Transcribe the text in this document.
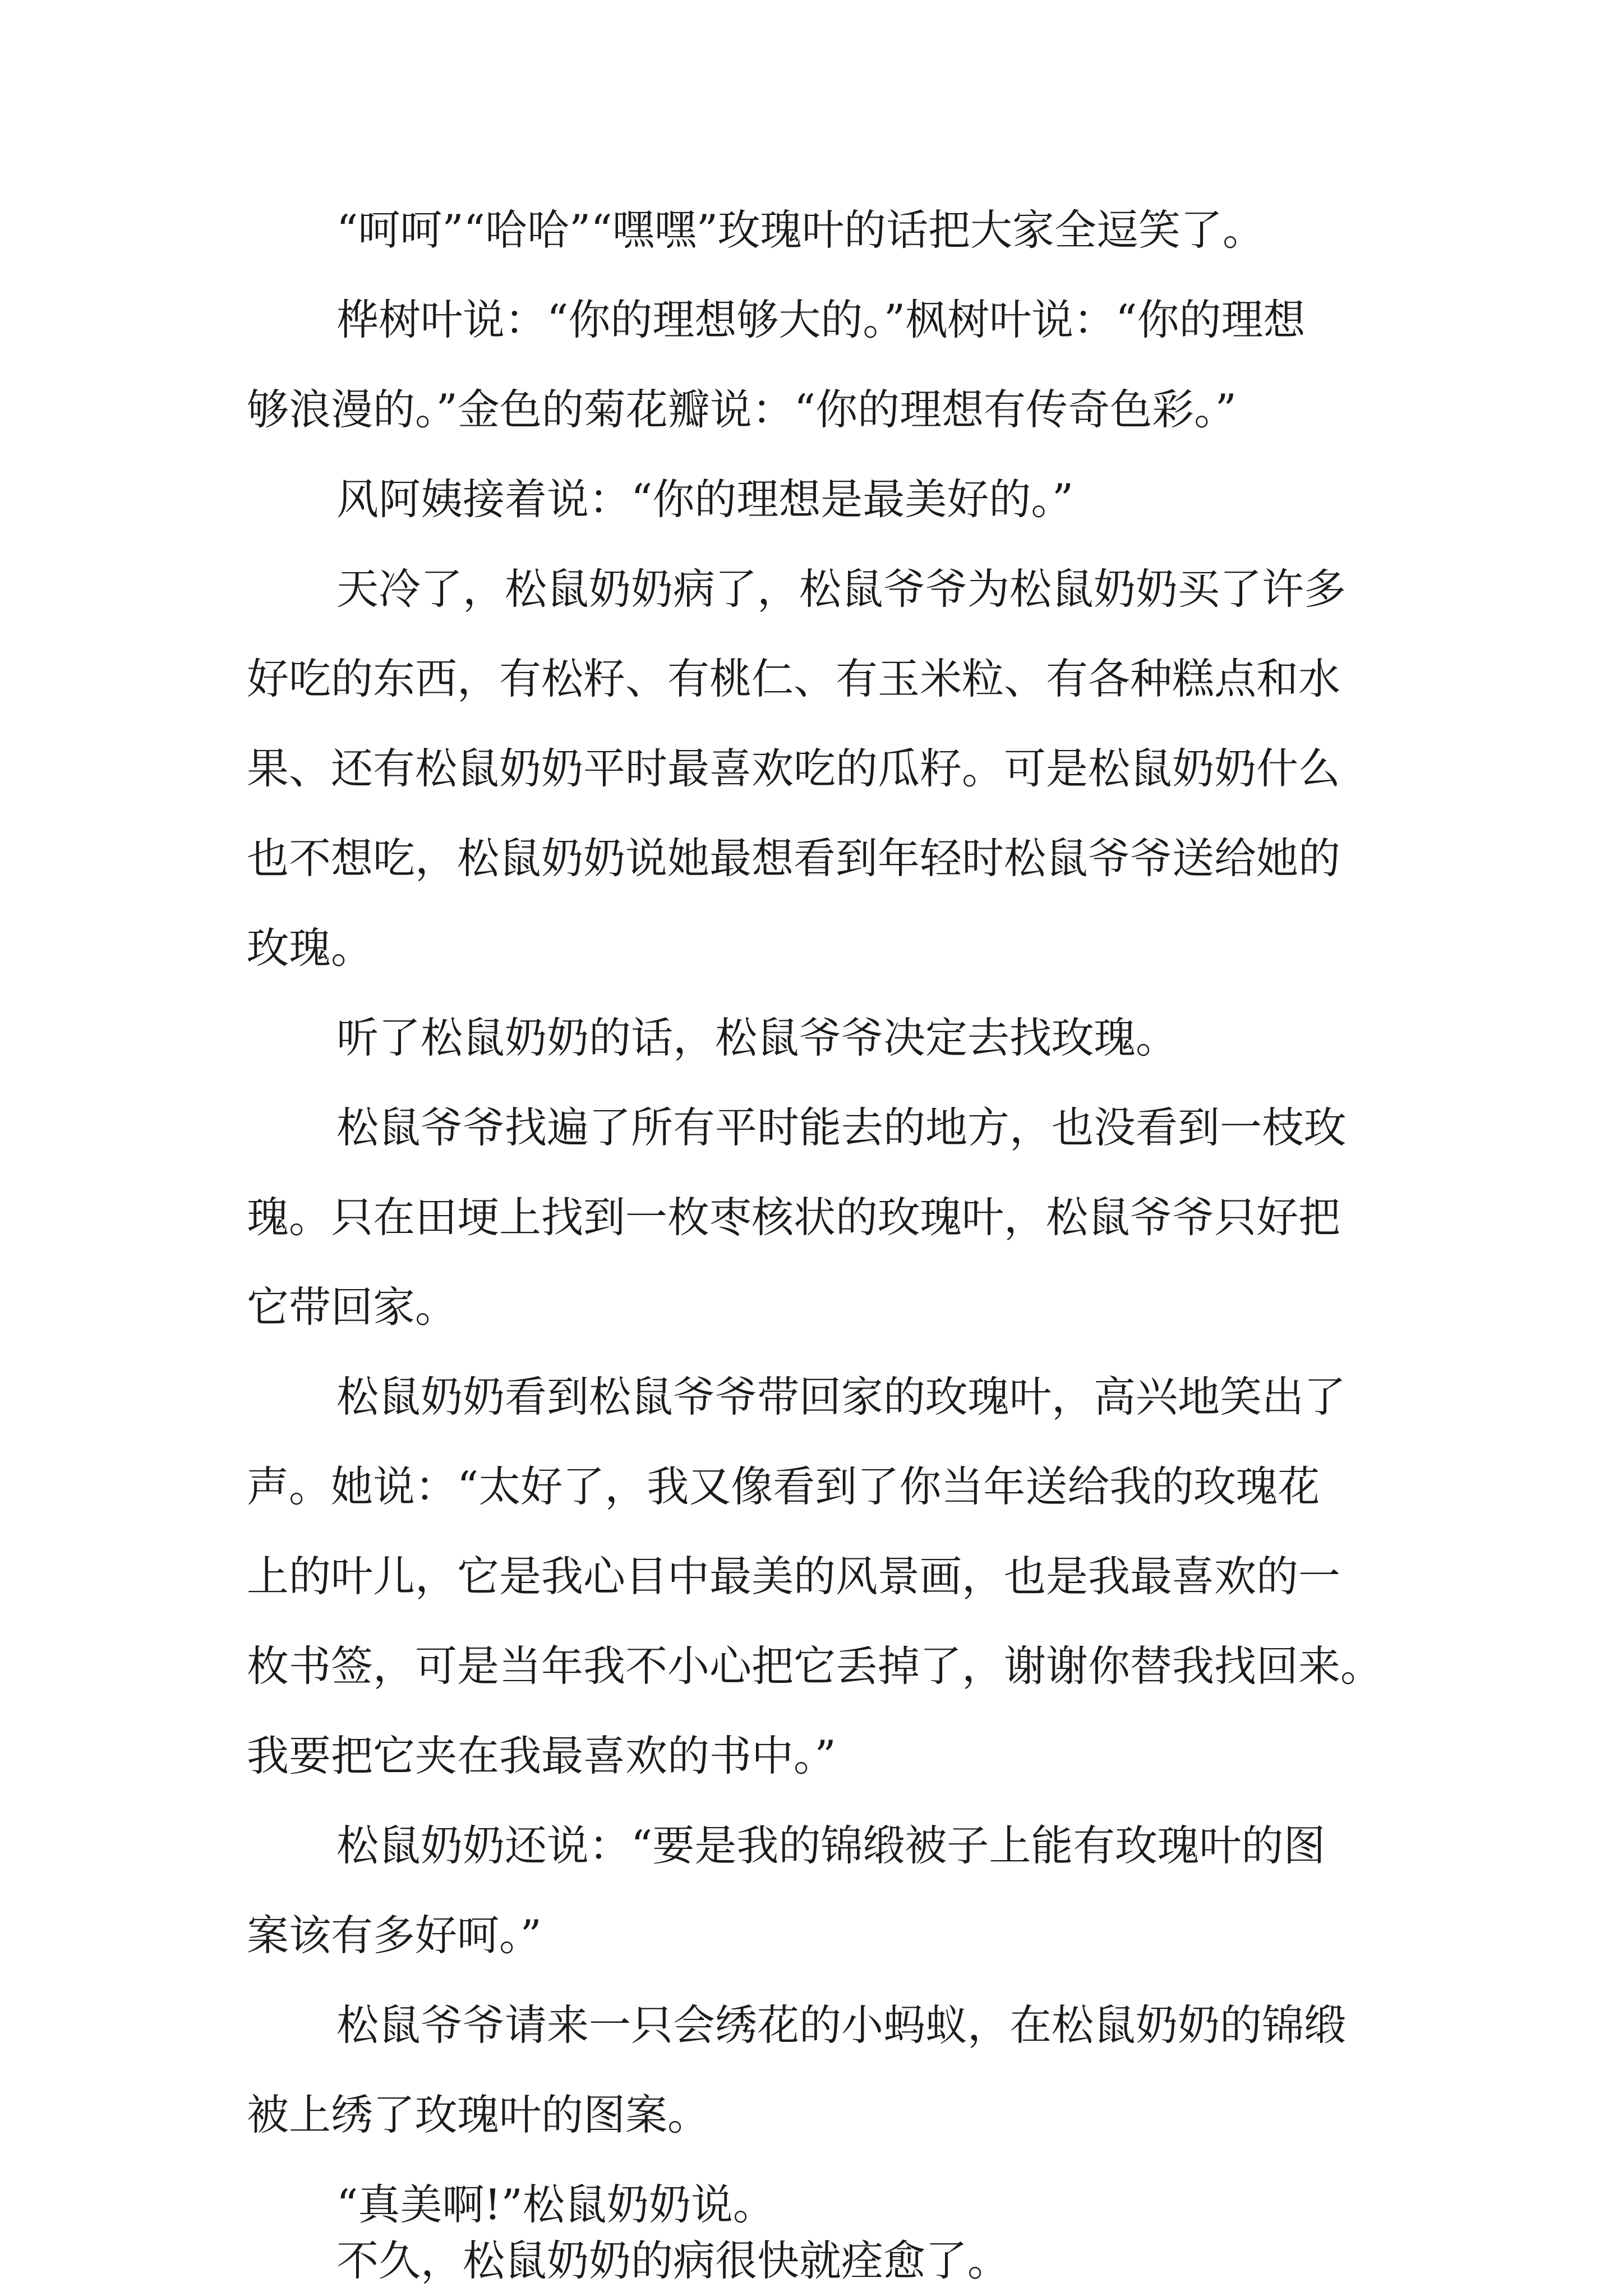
“呵呵”“哈哈”“嘿嘿”玫瑰叶的话把大家全逗笑了。
桦树叶说：“你的理想够大的。”枫树叶说：“你的理想
够浪漫的。”金色的菊花瓣说：“你的理想有传奇色彩。”
风阿姨接着说：“你的理想是最美好的。”
天冷了，松鼠奶奶病了，松鼠爷爷为松鼠奶奶买了许多
好吃的东西，有松籽、有桃仁、有玉米粒、有各种糕点和水
果、还有松鼠奶奶平时最喜欢吃的瓜籽。可是松鼠奶奶什么
也不想吃，松鼠奶奶说她最想看到年轻时松鼠爷爷送给她的
玫瑰。
听了松鼠奶奶的话，松鼠爷爷决定去找玫瑰。
松鼠爷爷找遍了所有平时能去的地方，也没看到一枝玫
瑰。只在田埂上找到一枚枣核状的玫瑰叶，松鼠爷爷只好把
它带回家。
松鼠奶奶看到松鼠爷爷带回家的玫瑰叶，高兴地笑出了
声。她说：“太好了，我又像看到了你当年送给我的玫瑰花
上的叶儿，它是我心目中最美的风景画，也是我最喜欢的一
枚书签，可是当年我不小心把它丢掉了，谢谢你替我找回来。
我要把它夹在我最喜欢的书中。”
松鼠奶奶还说：“要是我的锦缎被子上能有玫瑰叶的图
案该有多好呵。”
松鼠爷爷请来一只会绣花的小蚂蚁，在松鼠奶奶的锦缎
被上绣了玫瑰叶的图案。
“真美啊!”松鼠奶奶说。
不久，松鼠奶奶的病很快就痊愈了。
